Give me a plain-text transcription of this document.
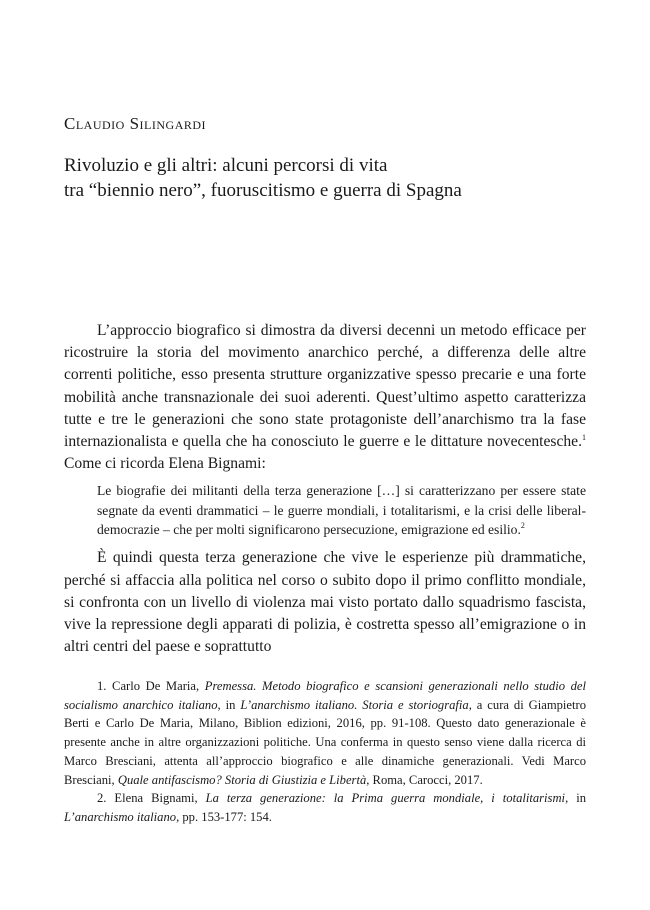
Claudio Silingardi
Rivoluzio e gli altri: alcuni percorsi di vita
tra “biennio nero”, fuoruscitismo e guerra di Spagna

L’approccio biografico si dimostra da diversi decenni un metodo efficace per ricostruire la storia del movimento anarchico perché, a differenza delle altre correnti politiche, esso presenta strutture organizzative spesso precarie e una forte mobilità anche transnazionale dei suoi aderenti. Quest’ultimo aspetto caratterizza tutte e tre le generazioni che sono state protagoniste dell’anarchismo tra la fase internazionalista e quella che ha conosciuto le guerre e le dittature novecentesche.$^1$ Come ci ricorda Elena Bignami:

Le biografie dei militanti della terza generazione […] si caratterizzano per essere state segnate da eventi drammatici – le guerre mondiali, i totalitarismi, e la crisi delle liberal-democrazie – che per molti significarono persecuzione, emigrazione ed esilio.$^2$

È quindi questa terza generazione che vive le esperienze più drammatiche, perché si affaccia alla politica nel corso o subito dopo il primo conflitto mondiale, si confronta con un livello di violenza mai visto portato dallo squadrismo fascista, vive la repressione degli apparati di polizia, è costretta spesso all’emigrazione o in altri centri del paese e soprattutto

1. Carlo De Maria, Premessa. Metodo biografico e scansioni generazionali nello studio del socialismo anarchico italiano, in L’anarchismo italiano. Storia e storiografia, a cura di Giampietro Berti e Carlo De Maria, Milano, Biblion edizioni, 2016, pp. 91-108. Questo dato generazionale è presente anche in altre organizzazioni politiche. Una conferma in questo senso viene dalla ricerca di Marco Bresciani, attenta all’approccio biografico e alle dinamiche generazionali. Vedi Marco Bresciani, Quale antifascismo? Storia di Giustizia e Libertà, Roma, Carocci, 2017.

2. Elena Bignami, La terza generazione: la Prima guerra mondiale, i totalitarismi, in L’anarchismo italiano, pp. 153-177: 154.
